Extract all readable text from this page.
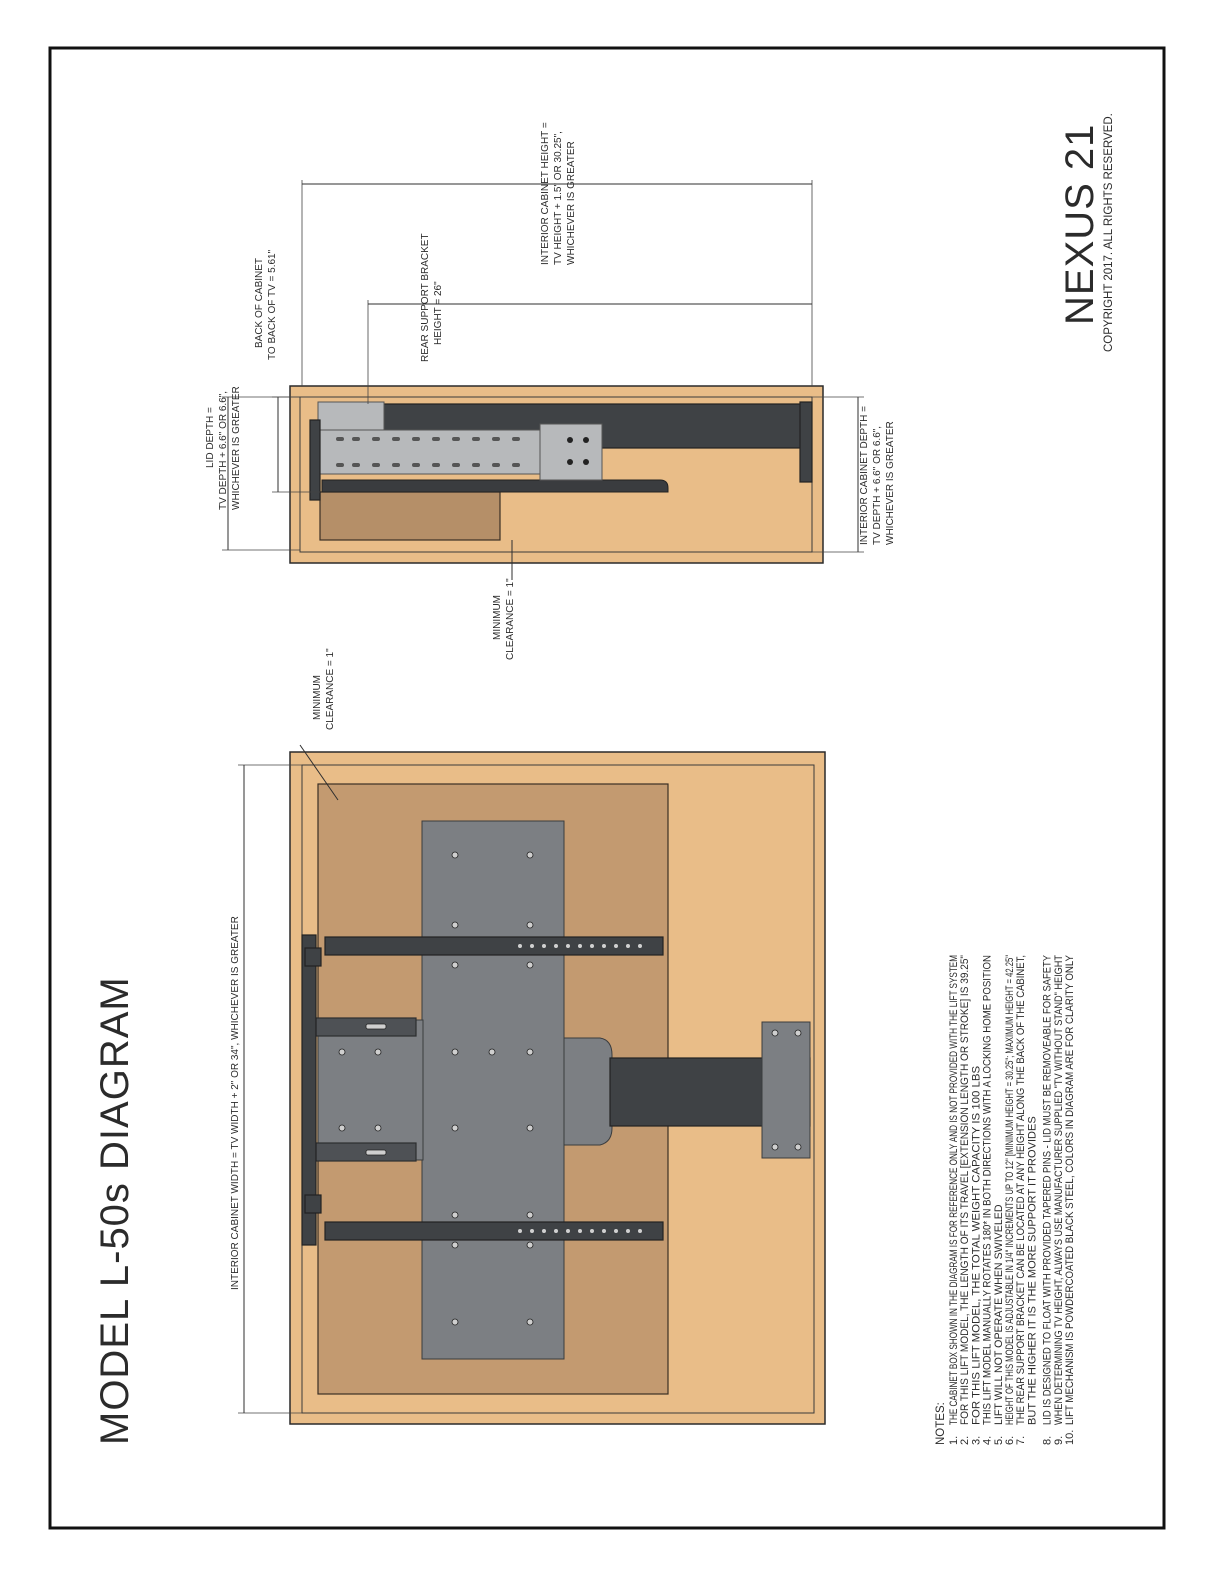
MODEL L-50s DIAGRAM
NEXUS 21 COPYRIGHT 2017. ALL RIGHTS RESERVED.
INTERIOR CABINET WIDTH = TV WIDTH + 2" OR 34", WHICHEVER IS GREATER
MINIMUM CLEARANCE = 1"
INTERIOR CABINET HEIGHT = TV HEIGHT + 1.5" OR 30.25", WHICHEVER IS GREATER
REAR SUPPORT BRACKET HEIGHT = 26"
BACK OF CABINET TO BACK OF TV = 5.61"
LID DEPTH = TV DEPTH + 6.6" OR 6.6", WHICHEVER IS GREATER	INTERIOR CABINET DEPTH = TV DEPTH + 6.6" OR 6.6", WHICHEVER IS GREATER
MINIMUM CLEARANCE = 1"
NOTES: 1.
THE CABINET BOX SHOWN IN THE DIAGRAM IS FOR REFERENCE ONLY AND IS NOT PROVIDED WITH THE LIFT SYSTEM
2.
FOR THIS LIFT MODEL, THE LENGTH OF ITS TRAVEL [EXTENSION LENGTH OR STROKE] IS 39.25"
3.
FOR THIS LIFT MODEL, THE TOTAL WEIGHT CAPACITY IS 100 LBS
4.
THIS LIFT MODEL MANUALLY ROTATES 180* IN BOTH DIRECTIONS WITH A LOCKING HOME POSITION
5.
LIFT WILL NOT OPERATE WHEN SWIVELED
6.
HEIGHT OF THIS MODEL IS ADJUSTABLE IN 1/4" INCREMENTS UP TO 12" [MINIMUM HEIGHT = 30.25"; MAXIMUM HEIGHT = 42.25"
7.
THE REAR SUPPORT BRACKET CAN BE LOCATED AT ANY HEIGHT ALONG THE BACK OF THE CABINET, BUT THE HIGHER IT IS THE MORE SUPPORT IT PROVIDES
8.
LID IS DESIGNED TO FLOAT WITH PROVIDED TAPERED PINS - LID MUST BE REMOVEABLE FOR SAFETY
9.
WHEN DETERMINING TV HEIGHT, ALWAYS USE MANUFACTURER SUPPLIED "TV WITHOUT STAND" HEIGHT
10.
LIFT MECHANISM IS POWDERCOATED BLACK STEEL, COLORS IN DIAGRAM ARE FOR CLARITY ONLY
